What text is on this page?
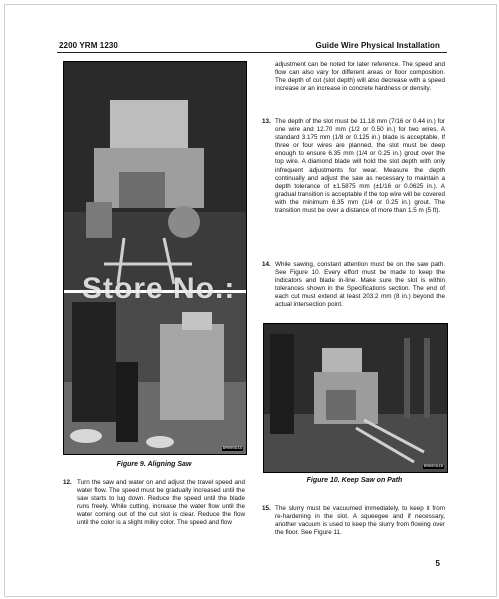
2200 YRM 1230	Guide Wire Physical Installation
BM00094A
Figure 9. Aligning Saw	BM00094B
Figure 10. Keep Saw on Path
12. Turn the saw and water on and adjust the travel speed and water flow. The speed must be gradually increased until the saw starts to lug down. Reduce the speed until the blade runs freely. While cutting, increase the water flow until the water coming out of the cut slot is clear. Reduce the flow until the color is a slight milky color. The speed and flow
adjustment can be noted for later reference. The speed and flow can also vary for different areas or floor composition. The depth of cut (slot depth) will also decrease with a speed increase or an increase in concrete hardness or density.
13. The depth of the slot must be 11.18 mm (7/16 or 0.44 in.) for one wire and 12.70 mm (1/2 or 0.50 in.) for two wires. A standard 3.175 mm (1/8 or 0.125 in.) blade is acceptable. If three or four wires are planned, the slot must be deep enough to ensure 6.35 mm (1/4 or 0.25 in.) grout over the top wire. A diamond blade will hold the slot depth with only infrequent adjustments for wear. Measure the depth continually and adjust the saw as necessary to maintain a depth tolerance of ±1.5875 mm (±1/16 or 0.0625 in.). A gradual transition is acceptable if the top wire will be covered with the minimum 6.35 mm (1/4 or 0.25 in.) grout. The transition must be over a distance of more than 1.5 m (5 ft).
14. While sawing, constant attention must be on the saw path. See Figure 10. Every effort must be made to keep the indicators and blade in-line. Make sure the slot is within tolerances shown in the Specifications section. The end of each cut must extend at least 203.2 mm (8 in.) beyond the actual intersection point.
15. The slurry must be vacuumed immediately, to keep it from re-hardening in the slot. A squeegee and if necessary, another vacuum is used to keep the slurry from flowing over the floor. See Figure 11.
5
Store No.:
